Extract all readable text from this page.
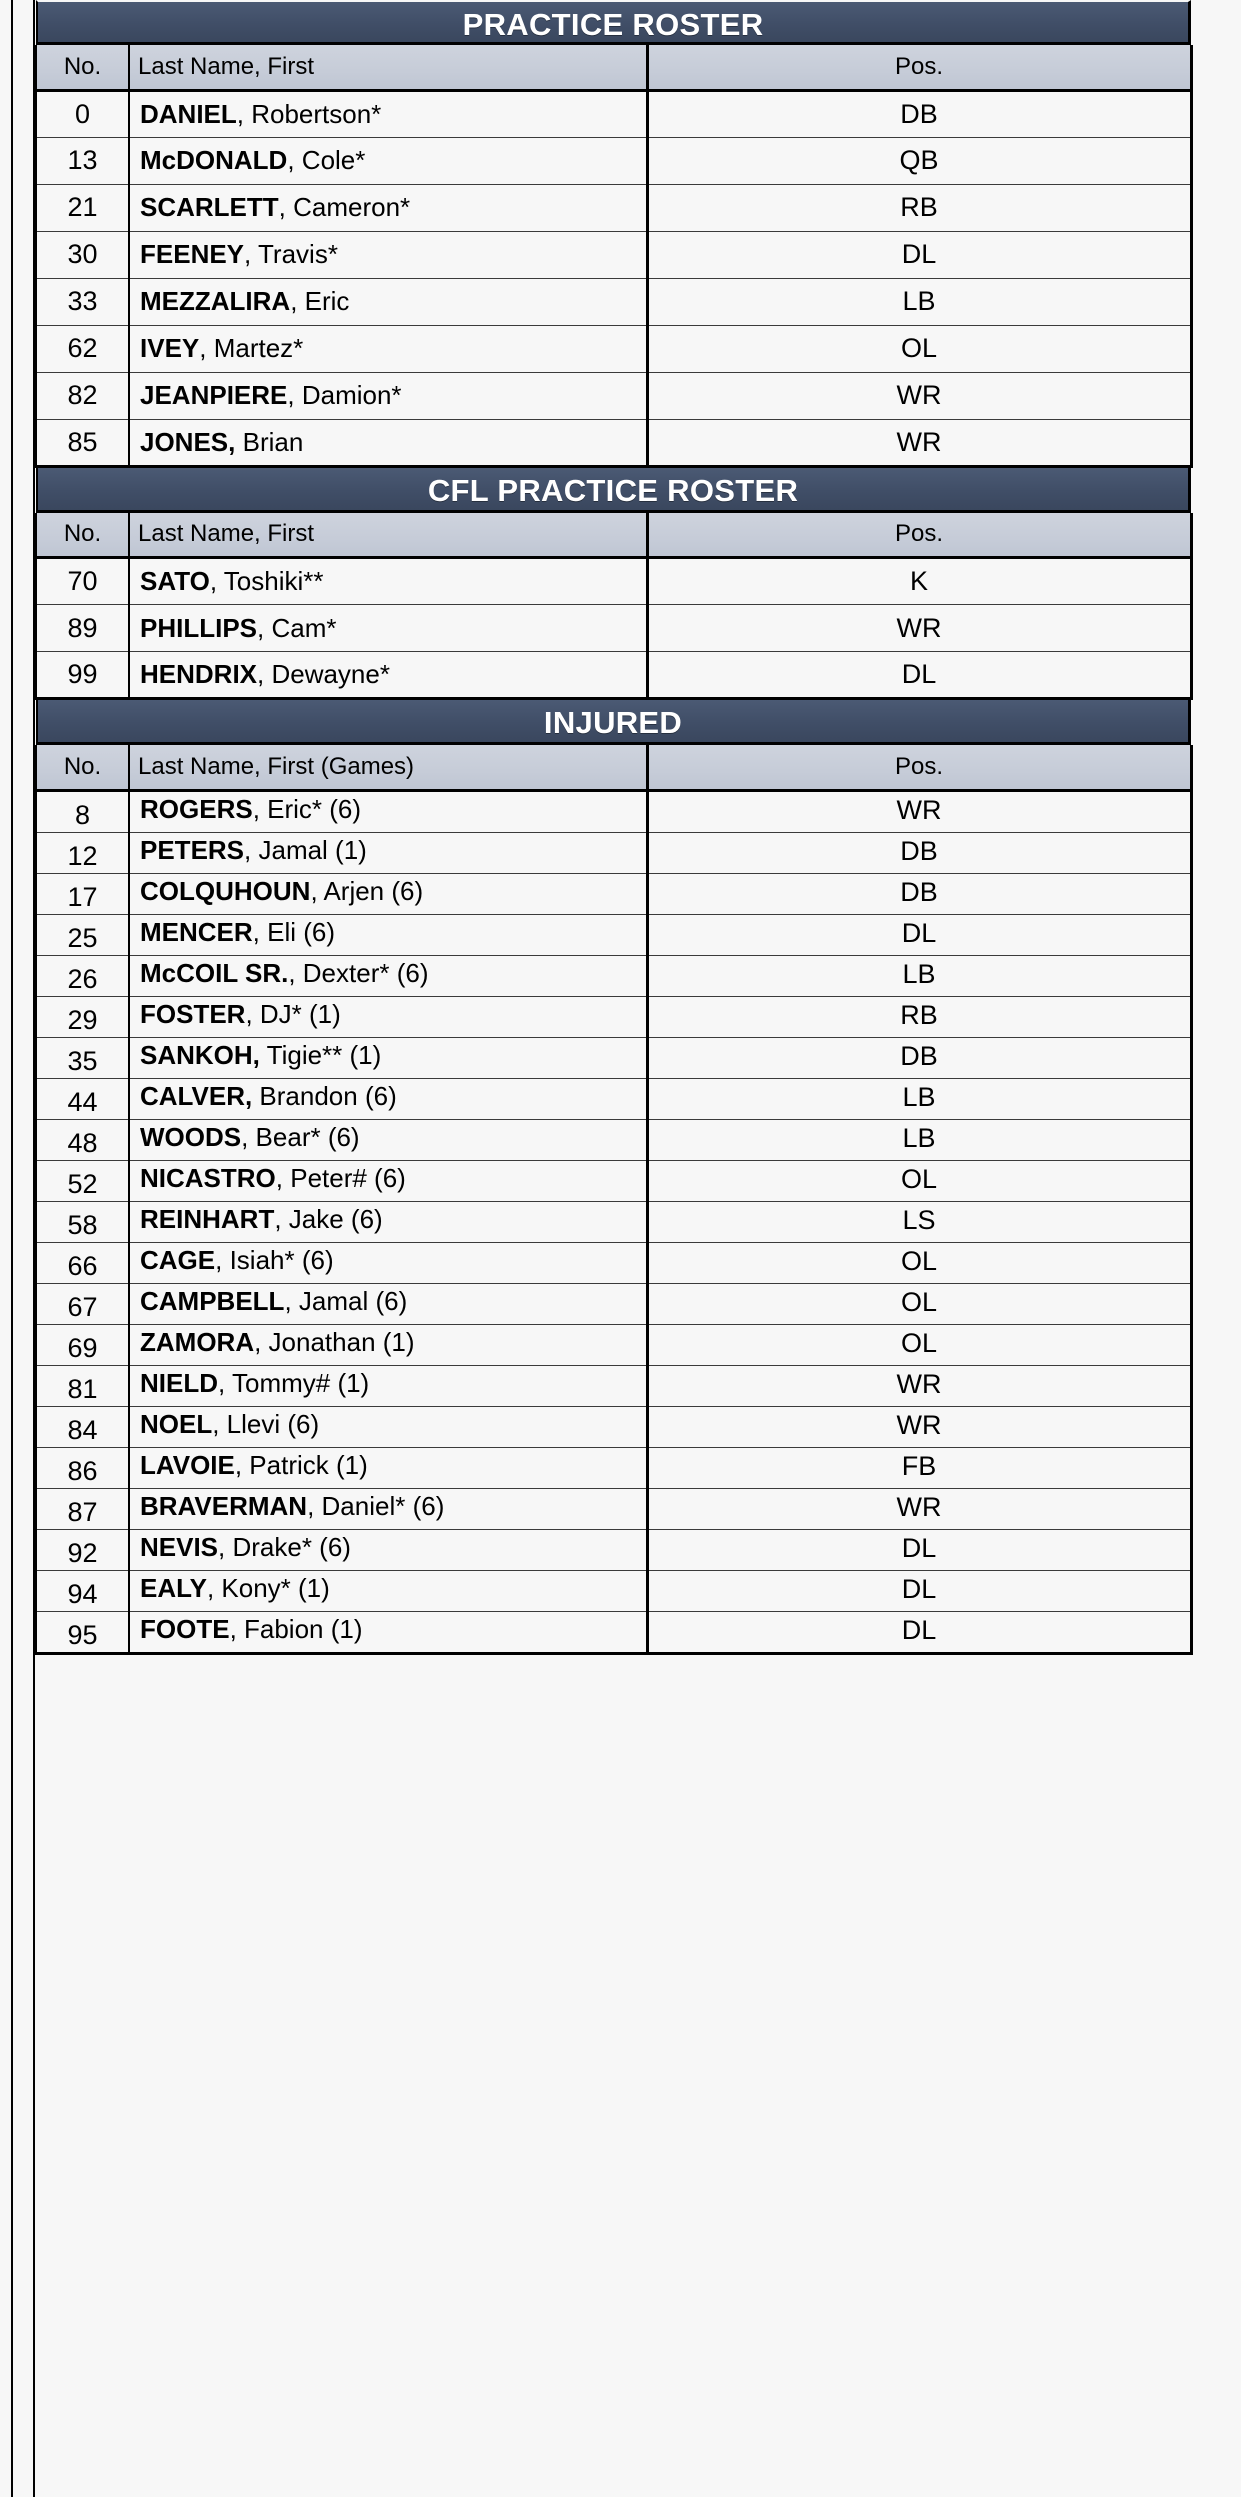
PRACTICE ROSTER		

No.	Last Name, First	Pos.
0	DANIEL, Robertson*	DB
13	McDONALD, Cole*	QB
21	SCARLETT, Cameron*	RB
30	FEENEY, Travis*	DL
33	MEZZALIRA, Eric	LB
62	IVEY, Martez*	OL
82	JEANPIERE, Damion*	WR
85	JONES, Brian	WR

CFL PRACTICE ROSTER		

No.	Last Name, First	Pos.
70	SATO, Toshiki**	K
89	PHILLIPS, Cam*	WR
99	HENDRIX, Dewayne*	DL

INJURED		

No.	Last Name, First (Games)	Pos.
8	ROGERS, Eric* (6)	WR
12	PETERS, Jamal (1)	DB
17	COLQUHOUN, Arjen (6)	DB
25	MENCER, Eli (6)	DL
26	McCOIL SR., Dexter* (6)	LB
29	FOSTER, DJ* (1)	RB
35	SANKOH, Tigie** (1)	DB
44	CALVER, Brandon (6)	LB
48	WOODS, Bear* (6)	LB
52	NICASTRO, Peter# (6)	OL
58	REINHART, Jake (6)	LS
66	CAGE, Isiah* (6)	OL
67	CAMPBELL, Jamal (6)	OL
69	ZAMORA, Jonathan (1)	OL
81	NIELD, Tommy# (1)	WR
84	NOEL, Llevi (6)	WR
86	LAVOIE, Patrick (1)	FB
87	BRAVERMAN, Daniel* (6)	WR
92	NEVIS, Drake* (6)	DL
94	EALY, Kony* (1)	DL
95	FOOTE, Fabion (1)	DL
